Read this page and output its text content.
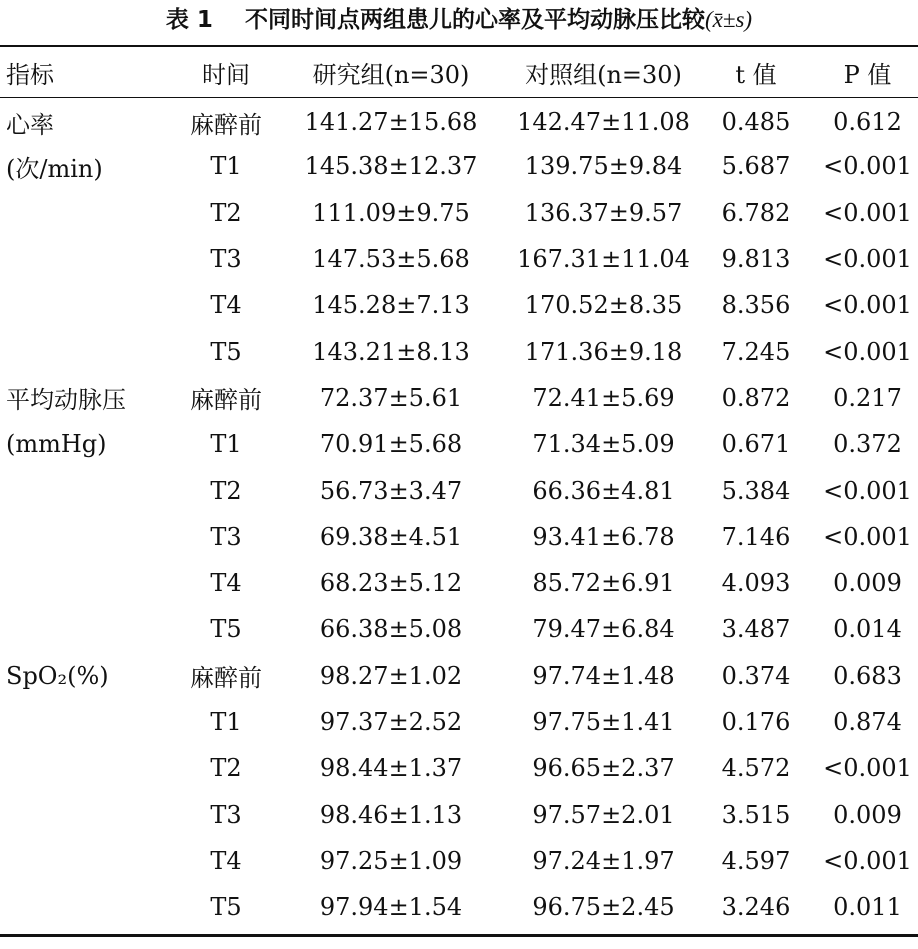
表 1 不同时间点两组患儿的心率及平均动脉压比较(x̄±s)
指标	时间	研究组(n=30)	对照组(n=30)	t 值	P 值
心率	麻醉前	141.27±15.68	142.47±11.08	0.485	0.612
(次/min)	T1	145.38±12.37	139.75±9.84	5.687	<0.001
	T2	111.09±9.75	136.37±9.57	6.782	<0.001
	T3	147.53±5.68	167.31±11.04	9.813	<0.001
	T4	145.28±7.13	170.52±8.35	8.356	<0.001
	T5	143.21±8.13	171.36±9.18	7.245	<0.001
平均动脉压	麻醉前	72.37±5.61	72.41±5.69	0.872	0.217
(mmHg)	T1	70.91±5.68	71.34±5.09	0.671	0.372
	T2	56.73±3.47	66.36±4.81	5.384	<0.001
	T3	69.38±4.51	93.41±6.78	7.146	<0.001
	T4	68.23±5.12	85.72±6.91	4.093	0.009
	T5	66.38±5.08	79.47±6.84	3.487	0.014
SpO₂(%)	麻醉前	98.27±1.02	97.74±1.48	0.374	0.683
	T1	97.37±2.52	97.75±1.41	0.176	0.874
	T2	98.44±1.37	96.65±2.37	4.572	<0.001
	T3	98.46±1.13	97.57±2.01	3.515	0.009
	T4	97.25±1.09	97.24±1.97	4.597	<0.001
	T5	97.94±1.54	96.75±2.45	3.246	0.011
